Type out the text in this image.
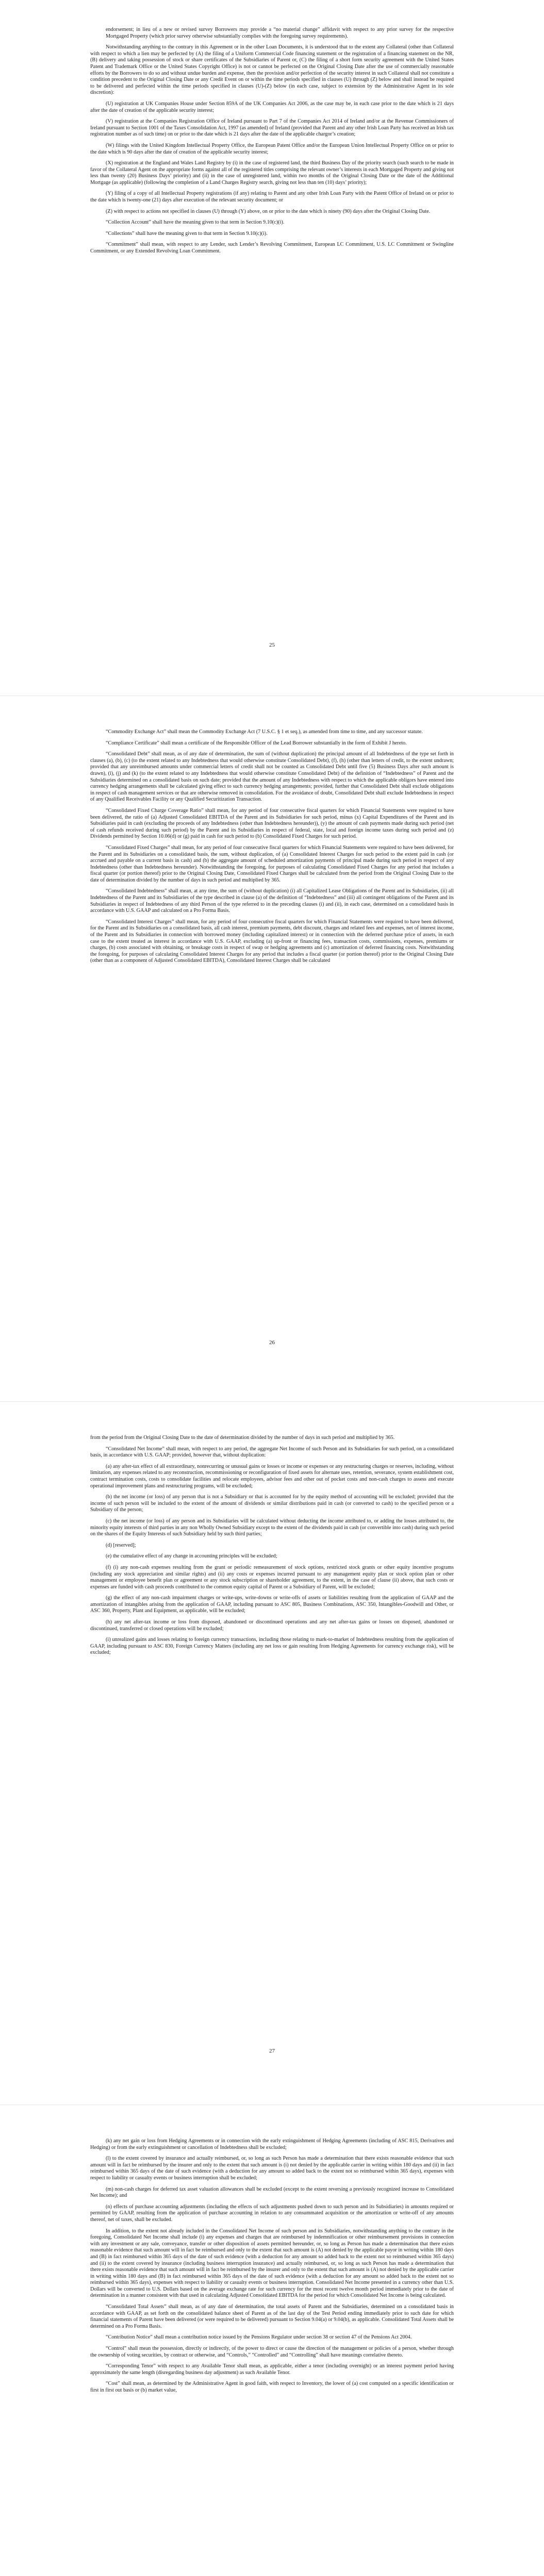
endorsement; in lieu of a new or revised survey Borrowers may provide a “no material change” affidavit with respect to any prior survey for the respective Mortgaged Property (which prior survey otherwise substantially complies with the foregoing survey requirements).

Notwithstanding anything to the contrary in this Agreement or in the other Loan Documents, it is understood that to the extent any Collateral (other than Collateral with respect to which a lien may be perfected by (A) the filing of a Uniform Commercial Code financing statement or the registration of a financing statement on the NR, (B) delivery and taking possession of stock or share certificates of the Subsidiaries of Parent or, (C) the filing of a short form security agreement with the United States Patent and Trademark Office or the United States Copyright Office) is not or cannot be perfected on the Original Closing Date after the use of commercially reasonable efforts by the Borrowers to do so and without undue burden and expense, then the provision and/or perfection of the security interest in such Collateral shall not constitute a condition precedent to the Original Closing Date or any Credit Event on or within the time periods specified in clauses (U) through (Z) below and shall instead be required to be delivered and perfected within the time periods specified in clauses (U)-(Z) below (in each case, subject to extension by the Administrative Agent in its sole discretion):

(U) registration at UK Companies House under Section 859A of the UK Companies Act 2006, as the case may be, in each case prior to the date which is 21 days after the date of creation of the applicable security interest;

(V) registration at the Companies Registration Office of Ireland pursuant to Part 7 of the Companies Act 2014 of Ireland and/or at the Revenue Commissioners of Ireland pursuant to Section 1001 of the Taxes Consolidation Act, 1997 (as amended) of Ireland (provided that Parent and any other Irish Loan Party has received an Irish tax registration number as of such time) on or prior to the date which is 21 days after the date of the applicable chargor’s creation;

(W) filings with the United Kingdom Intellectual Property Office, the European Patent Office and/or the European Union Intellectual Property Office on or prior to the date which is 90 days after the date of creation of the applicable security interest;

(X) registration at the England and Wales Land Registry by (i) in the case of registered land, the third Business Day of the priority search (such search to be made in favor of the Collateral Agent on the appropriate forms against all of the registered titles comprising the relevant owner’s interests in each Mortgaged Property and giving not less than twenty (20) Business Days’ priority) and (ii) in the case of unregistered land, within two months of the Original Closing Date or the date of the Additional Mortgage (as applicable) (following the completion of a Land Charges Registry search, giving not less than ten (10) days’ priority);

(Y) filing of a copy of all Intellectual Property registrations (if any) relating to Parent and any other Irish Loan Party with the Patent Office of Ireland on or prior to the date which is twenty-one (21) days after execution of the relevant security document; or

(Z) with respect to actions not specified in clauses (U) through (Y) above, on or prior to the date which is ninety (90) days after the Original Closing Date.

“Collection Account” shall have the meaning given to that term in Section 9.10(c)(i).

“Collections” shall have the meaning given to that term in Section 9.10(c)(i).

“Commitment” shall mean, with respect to any Lender, such Lender’s Revolving Commitment, European LC Commitment, U.S. LC Commitment or Swingline Commitment, or any Extended Revolving Loan Commitment.

25

“Commodity Exchange Act” shall mean the Commodity Exchange Act (7 U.S.C. § 1 et seq.), as amended from time to time, and any successor statute.

“Compliance Certificate” shall mean a certificate of the Responsible Officer of the Lead Borrower substantially in the form of Exhibit J hereto.

“Consolidated Debt” shall mean, as of any date of determination, the sum of (without duplication) the principal amount of all Indebtedness of the type set forth in clauses (a), (b), (c) (to the extent related to any Indebtedness that would otherwise constitute Consolidated Debt), (f), (h) (other than letters of credit, to the extent undrawn; provided that any unreimbursed amounts under commercial letters of credit shall not be counted as Consolidated Debt until five (5) Business Days after such amount is drawn), (i), (j) and (k) (to the extent related to any Indebtedness that would otherwise constitute Consolidated Debt) of the definition of “Indebtedness” of Parent and the Subsidiaries determined on a consolidated basis on such date; provided that the amount of any Indebtedness with respect to which the applicable obligors have entered into currency hedging arrangements shall be calculated giving effect to such currency hedging arrangements; provided, further that Consolidated Debt shall exclude obligations in respect of cash management services or that are otherwise removed in consolidation. For the avoidance of doubt, Consolidated Debt shall exclude Indebtedness in respect of any Qualified Receivables Facility or any Qualified Securitization Transaction.

“Consolidated Fixed Charge Coverage Ratio” shall mean, for any period of four consecutive fiscal quarters for which Financial Statements were required to have been delivered, the ratio of (a) Adjusted Consolidated EBITDA of the Parent and its Subsidiaries for such period, minus (x) Capital Expenditures of the Parent and its Subsidiaries paid in cash (excluding the proceeds of any Indebtedness (other than Indebtedness hereunder)), (y) the amount of cash payments made during such period (net of cash refunds received during such period) by the Parent and its Subsidiaries in respect of federal, state, local and foreign income taxes during such period and (z) Dividends permitted by Section 10.06(d) or (g) paid in cash for such period to (b) Consolidated Fixed Charges for such period.

“Consolidated Fixed Charges” shall mean, for any period of four consecutive fiscal quarters for which Financial Statements were required to have been delivered, for the Parent and its Subsidiaries on a consolidated basis, the sum, without duplication, of (a) Consolidated Interest Charges for such period to the extent paid in cash (or accrued and payable on a current basis in cash) and (b) the aggregate amount of scheduled amortization payments of principal made during such period in respect of any Indebtedness (other than Indebtedness hereunder). Notwithstanding the foregoing, for purposes of calculating Consolidated Fixed Charges for any period that includes a fiscal quarter (or portion thereof) prior to the Original Closing Date, Consolidated Fixed Charges shall be calculated from the period from the Original Closing Date to the date of determination divided by the number of days in such period and multiplied by 365.

“Consolidated Indebtedness” shall mean, at any time, the sum of (without duplication) (i) all Capitalized Lease Obligations of the Parent and its Subsidiaries, (ii) all Indebtedness of the Parent and its Subsidiaries of the type described in clause (a) of the definition of “Indebtedness” and (iii) all contingent obligations of the Parent and its Subsidiaries in respect of Indebtedness of any third Person of the type referred to in the preceding clauses (i) and (ii), in each case, determined on a consolidated basis in accordance with U.S. GAAP and calculated on a Pro Forma Basis.

“Consolidated Interest Charges” shall mean, for any period of four consecutive fiscal quarters for which Financial Statements were required to have been delivered, for the Parent and its Subsidiaries on a consolidated basis, all cash interest, premium payments, debt discount, charges and related fees and expenses, net of interest income, of the Parent and its Subsidiaries in connection with borrowed money (including capitalized interest) or in connection with the deferred purchase price of assets, in each case to the extent treated as interest in accordance with U.S. GAAP, excluding (a) up-front or financing fees, transaction costs, commissions, expenses, premiums or charges, (b) costs associated with obtaining, or breakage costs in respect of swap or hedging agreements and (c) amortization of deferred financing costs. Notwithstanding the foregoing, for purposes of calculating Consolidated Interest Charges for any period that includes a fiscal quarter (or portion thereof) prior to the Original Closing Date (other than as a component of Adjusted Consolidated EBITDA), Consolidated Interest Charges shall be calculated

26

from the period from the Original Closing Date to the date of determination divided by the number of days in such period and multiplied by 365.

“Consolidated Net Income” shall mean, with respect to any period, the aggregate Net Income of such Person and its Subsidiaries for such period, on a consolidated basis, in accordance with U.S. GAAP; provided, however that, without duplication:

(a) any after-tax effect of all extraordinary, nonrecurring or unusual gains or losses or income or expenses or any restructuring charges or reserves, including, without limitation, any expenses related to any reconstruction, recommissioning or reconfiguration of fixed assets for alternate uses, retention, severance, system establishment cost, contract termination costs, costs to consolidate facilities and relocate employees, advisor fees and other out of pocket costs and non-cash charges to assess and execute operational improvement plans and restructuring programs, will be excluded;

(b) the net income (or loss) of any person that is not a Subsidiary or that is accounted for by the equity method of accounting will be excluded; provided that the income of such person will be included to the extent of the amount of dividends or similar distributions paid in cash (or converted to cash) to the specified person or a Subsidiary of the person;

(c) the net income (or loss) of any person and its Subsidiaries will be calculated without deducting the income attributed to, or adding the losses attributed to, the minority equity interests of third parties in any non Wholly Owned Subsidiary except to the extent of the dividends paid in cash (or convertible into cash) during such period on the shares of the Equity Interests of such Subsidiary held by such third parties;

(d) [reserved];

(e) the cumulative effect of any change in accounting principles will be excluded;

(f) (i) any non-cash expenses resulting from the grant or periodic remeasurement of stock options, restricted stock grants or other equity incentive programs (including any stock appreciation and similar rights) and (ii) any costs or expenses incurred pursuant to any management equity plan or stock option plan or other management or employee benefit plan or agreement or any stock subscription or shareholder agreement, to the extent, in the case of clause (ii) above, that such costs or expenses are funded with cash proceeds contributed to the common equity capital of Parent or a Subsidiary of Parent, will be excluded;

(g) the effect of any non-cash impairment charges or write-ups, write-downs or write-offs of assets or liabilities resulting from the application of GAAP and the amortization of intangibles arising from the application of GAAP, including pursuant to ASC 805, Business Combinations, ASC 350, Intangibles-Goodwill and Other, or ASC 360, Property, Plant and Equipment, as applicable, will be excluded;

(h) any net after-tax income or loss from disposed, abandoned or discontinued operations and any net after-tax gains or losses on disposed, abandoned or discontinued, transferred or closed operations will be excluded;

(i) unrealized gains and losses relating to foreign currency transactions, including those relating to mark-to-market of Indebtedness resulting from the application of GAAP, including pursuant to ASC 830, Foreign Currency Matters (including any net loss or gain resulting from Hedging Agreements for currency exchange risk), will be excluded;

27

(k) any net gain or loss from Hedging Agreements or in connection with the early extinguishment of Hedging Agreements (including of ASC 815, Derivatives and Hedging) or from the early extinguishment or cancellation of Indebtedness shall be excluded;

(l) to the extent covered by insurance and actually reimbursed, or, so long as such Person has made a determination that there exists reasonable evidence that such amount will in fact be reimbursed by the insurer and only to the extent that such amount is (i) not denied by the applicable carrier in writing within 180 days and (ii) in fact reimbursed within 365 days of the date of such evidence (with a deduction for any amount so added back to the extent not so reimbursed within 365 days), expenses with respect to liability or casualty events or business interruption shall be excluded;

(m) non-cash charges for deferred tax asset valuation allowances shall be excluded (except to the extent reversing a previously recognized increase to Consolidated Net Income); and

(n) effects of purchase accounting adjustments (including the effects of such adjustments pushed down to such person and its Subsidiaries) in amounts required or permitted by GAAP, resulting from the application of purchase accounting in relation to any consummated acquisition or the amortization or write-off of any amounts thereof, net of taxes, shall be excluded.

In addition, to the extent not already included in the Consolidated Net Income of such person and its Subsidiaries, notwithstanding anything to the contrary in the foregoing, Consolidated Net Income shall include (i) any expenses and charges that are reimbursed by indemnification or other reimbursement provisions in connection with any investment or any sale, conveyance, transfer or other disposition of assets permitted hereunder, or, so long as Person has made a determination that there exists reasonable evidence that such amount will in fact be reimbursed and only to the extent that such amount is (A) not denied by the applicable payor in writing within 180 days and (B) in fact reimbursed within 365 days of the date of such evidence (with a deduction for any amount so added back to the extent not so reimbursed within 365 days) and (ii) to the extent covered by insurance (including business interruption insurance) and actually reimbursed, or, so long as such Person has made a determination that there exists reasonable evidence that such amount will in fact be reimbursed by the insurer and only to the extent that such amount is (A) not denied by the applicable carrier in writing within 180 days and (B) in fact reimbursed within 365 days of the date of such evidence (with a deduction for any amount so added back to the extent not so reimbursed within 365 days), expenses with respect to liability or casualty events or business interruption. Consolidated Net Income presented in a currency other than U.S. Dollars will be converted to U.S. Dollars based on the average exchange rate for such currency for the most recent twelve month period immediately prior to the date of determination in a manner consistent with that used in calculating Adjusted Consolidated EBITDA for the period for which Consolidated Net Income is being calculated.

“Consolidated Total Assets” shall mean, as of any date of determination, the total assets of Parent and the Subsidiaries, determined on a consolidated basis in accordance with GAAP, as set forth on the consolidated balance sheet of Parent as of the last day of the Test Period ending immediately prior to such date for which financial statements of Parent have been delivered (or were required to be delivered) pursuant to Section 9.04(a) or 9.04(b), as applicable. Consolidated Total Assets shall be determined on a Pro Forma Basis.

“Contribution Notice” shall mean a contribution notice issued by the Pensions Regulator under section 38 or section 47 of the Pensions Act 2004.

“Control” shall mean the possession, directly or indirectly, of the power to direct or cause the direction of the management or policies of a person, whether through the ownership of voting securities, by contract or otherwise, and “Controls,” “Controlled” and “Controlling” shall have meanings correlative thereto.

“Corresponding Tenor” with respect to any Available Tenor shall mean, as applicable, either a tenor (including overnight) or an interest payment period having approximately the same length (disregarding business day adjustment) as such Available Tenor.

“Cost” shall mean, as determined by the Administrative Agent in good faith, with respect to Inventory, the lower of (a) cost computed on a specific identification or first in first out basis or (b) market value,
